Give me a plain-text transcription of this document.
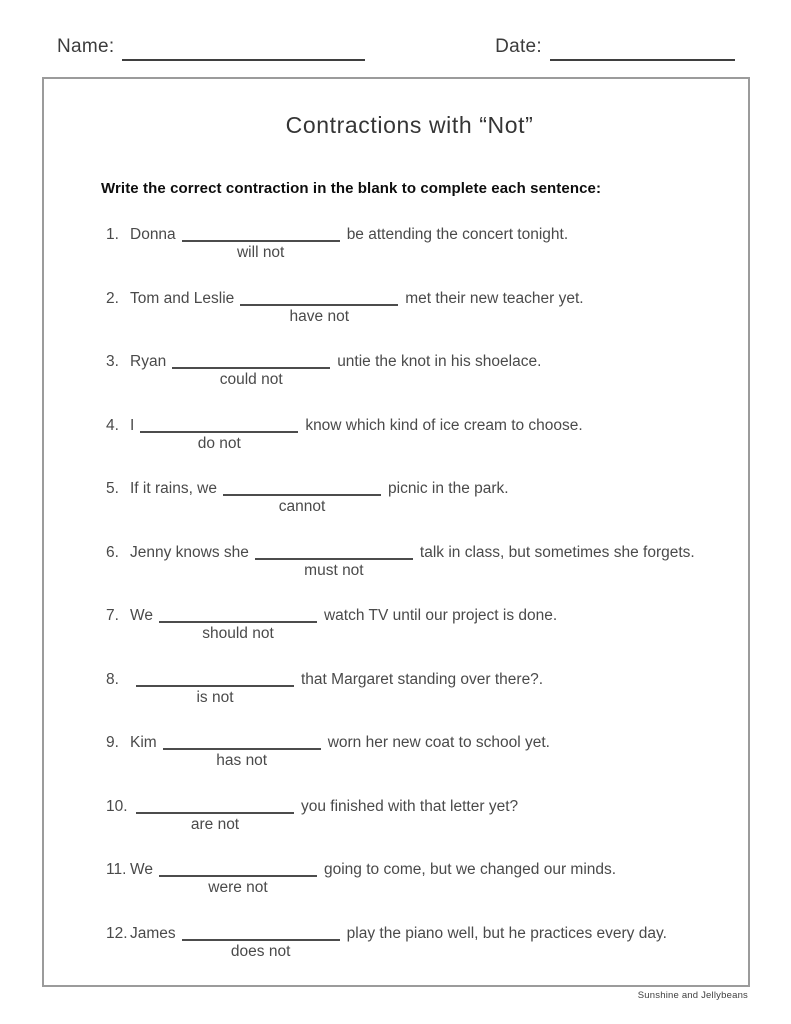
Name:	Date:
Contractions with “Not”
Write the correct contraction in the blank to complete each sentence:
1. Donna
will not
be attending the concert tonight.
2. Tom and Leslie
have not
met their new teacher yet.
3. Ryan
could not
untie the knot in his shoelace.
4. I
do not
know which kind of ice cream to choose.
5. If it rains, we
cannot
picnic in the park.
6. Jenny knows she
must not
talk in class, but sometimes she forgets.
7. We
should not
watch TV until our project is done.
8.
is not
that Margaret standing over there?.
9. Kim
has not
worn her new coat to school yet.
10.
are not
you finished with that letter yet?
11. We
were not
going to come, but we changed our minds.
12. James
does not
play the piano well, but he practices every day.
Sunshine and Jellybeans
